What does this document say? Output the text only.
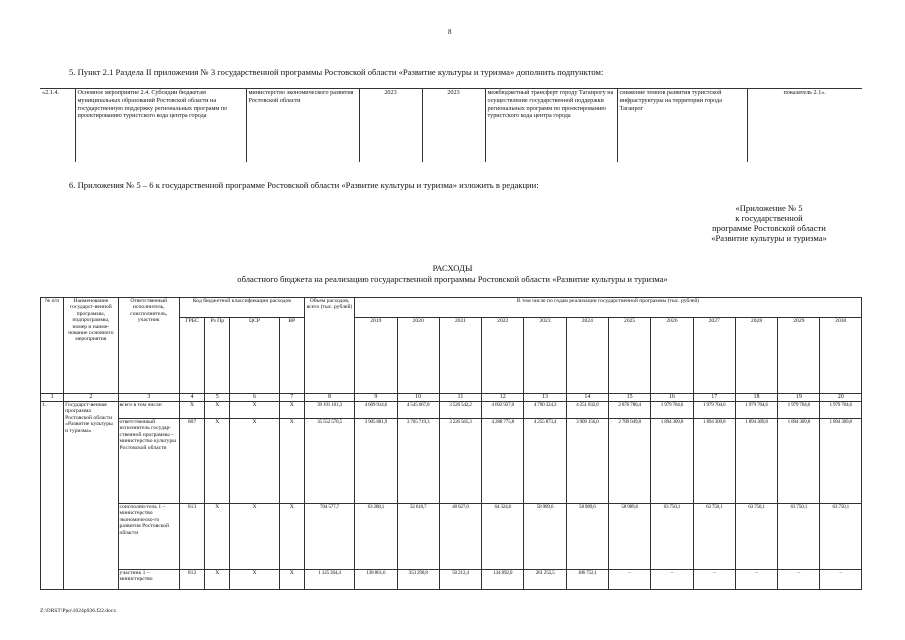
8
5. Пункт 2.1 Раздела II приложения № 3 государственной программы Ростовской области «Развитие культуры и туризма» дополнить подпунктом:
«2.1.4.	Основное мероприятие 2.4. Субсидии бюджетам муниципальных образований Ростовской области на государственную поддержку региональных программ по проектированию туристского кода центра города	министерство экономического развития Ростовской области	2023	2023	межбюджетный трансферт городу Таганрогу на осуществление государственной поддержки региональных программ по проектированию туристского кода центра города	снижение темпов развития туристской инфраструктуры на территории города Таганрог	показатель 2.1».
6. Приложения № 5 – 6 к государственной программе Ростовской области «Развитие культуры и туризма» изложить в редакции:
«Приложение № 5
к государственной
программе Ростовской области
«Развитие культуры и туризма»
РАСХОДЫ
областного бюджета на реализацию государственной программы Ростовской области «Развитие культуры и туризма»
№ п/п	Наименование государст-венной программы, подпрограммы, номер и наиме-нование основного мероприятия	Ответственный исполнитель, соисполнитель, участник	Код бюджетной классификации расходов				Объем расходов, всего (тыс. рублей)	В том числе по годам реализации государственной программы (тыс. рублей)											
			ГРБС	Рз Пр	ЦСР	ВР		2019	2020	2021	2022	2023	2024	2025	2026	2027	2028	2029	2030
1	2	3	4	5	6	7	8	9	10	11	12	13	14	15	16	17	18	19	20
1.	Государст-венная программа Ростовской области «Развитие культуры и туризма»	всего в том числе:	Х	Х	Х	Х	39 191 101,3	4 609 914,6	4 545 067,8	3 526 542,2	4 692 937,0	4 790 324,3	4 251 032,0	2 876 780,4	1 979 704,6	1 979 704,6	1 979 704,6	1 979 704,6	1 979 704,6
		ответственный исполнитель государ-ственной программы – министерство культуры Ростовской области	807	Х	Х	Х	35 552 570,5	3 905 881,9	3 705 719,3	3 226 565,3	4 288 775,8	4 255 873,4	3 909 156,0	2 789 049,8	1 894 309,8	1 894 309,8	1 894 309,8	1 894 309,8	1 894 309,8
		соисполни-тель 1 – министерство экономическо-го развития Ростовской области	813	Х	Х	Х	704 577,7	63 288,1	32 618,7	48 627,0	64 324,6	58 989,6	58 989,6	58 989,6	63 750,1	63 750,1	63 750,1	63 750,1	63 750,1
		участник 1 – министерство	812	Х	Х	Х	1 125 264,4	138 861,6	353 290,8	50 212,4	134 892,0	261 255,5	186 752,1	–	–	–	–	–	–
Z:\ORST\Ppo\1024p936.f22.docx
